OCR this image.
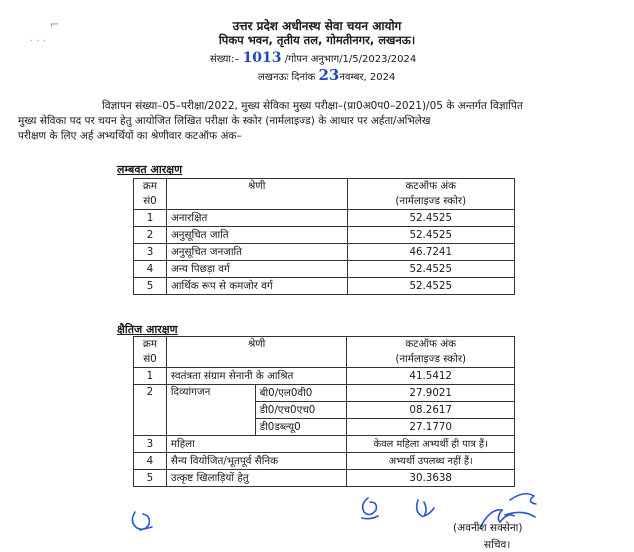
⌐
· · ·
उत्तर प्रदेश अधीनस्थ सेवा चयन आयोग
पिकप भवन, तृतीय तल, गोमतीनगर, लखनऊ।
संख्या:– 1013 /गोपन अनुभाग/1/5/2023/2024
लखनऊः दिनांक 23नवम्बर, 2024
विज्ञापन संख्या–05–परीक्षा/2022, मुख्य सेविका मुख्य परीक्षा–(प्रा0अ0प0–2021)/05 के अन्तर्गत विज्ञापित
मुख्य सेविका पद पर चयन हेतु आयोजित लिखित परीक्षा के स्कोर (नार्मलाइज्ड) के आधार पर अर्हता/अभिलेख
परीक्षण के लिए अर्ह अभ्यर्थियों का श्रेणीवार कटऑफ अंक–
लम्बवत आरक्षण
क्रम
सं0	श्रेणी	कटऑफ अंक
(नार्मलाइज्ड स्कोर)
1	अनारक्षित	52.4525
2	अनुसूचित जाति	52.4525
3	अनुसूचित जनजाति	46.7241
4	अन्य पिछड़ा वर्ग	52.4525
5	आर्थिक रूप से कमजोर वर्ग	52.4525
क्षैतिज आरक्षण
क्रम
सं0	श्रेणी		कटऑफ अंक
(नार्मलाइज्ड स्कोर)
1	स्वतंत्रता संग्राम सेनानी के आश्रित		41.5412
2	दिव्यांगजन	बी0/एल0वी0	27.9021
		डी0/एच0एच0	08.2617
		डी0डब्ल्यू0	27.1770
3	महिला		केवल महिला अभ्यर्थी ही पात्र हैं।
4	सैन्य वियोजित/भूतपूर्व सैनिक		अभ्यर्थी उपलब्ध नहीं हैं।
5	उत्कृष्ट खिलाड़ियों हेतु		30.3638
(अवनीश सक्सेना)
सचिव।
